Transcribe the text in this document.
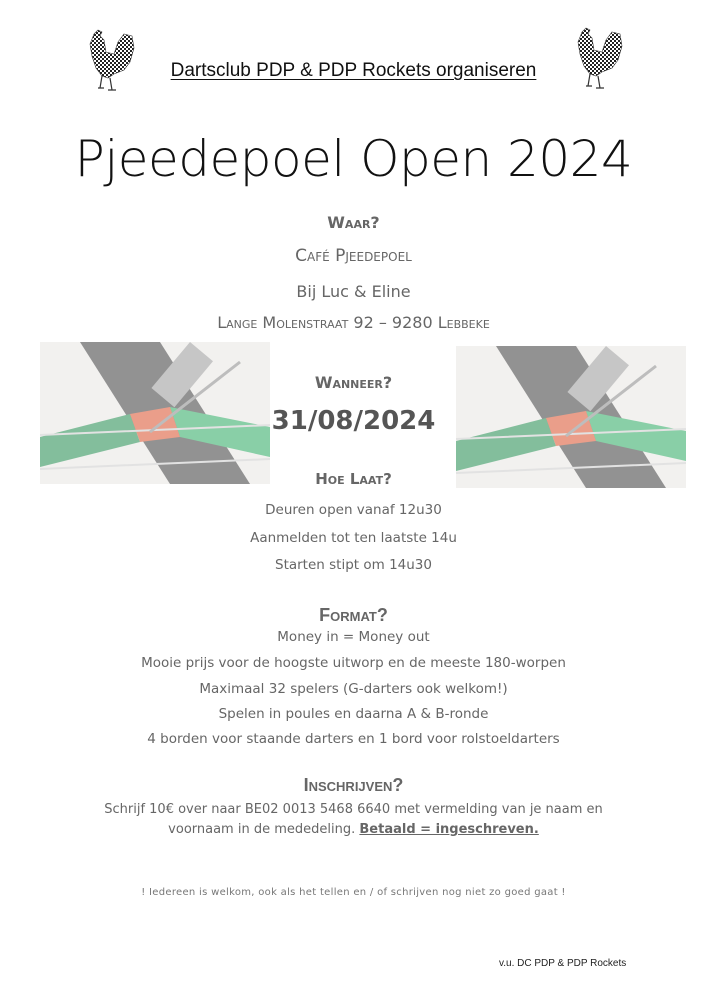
Dartsclub PDP & PDP Rockets organiseren
Pjeedepoel Open 2024
Waar?
Café Pjeedepoel
Bij Luc & Eline
Lange Molenstraat 92 – 9280 Lebbeke
Wanneer?
31/08/2024
Hoe Laat?
Deuren open vanaf 12u30
Aanmelden tot ten laatste 14u
Starten stipt om 14u30
Format?
Money in = Money out
Mooie prijs voor de hoogste uitworp en de meeste 180-worpen
Maximaal 32 spelers (G-darters ook welkom!)
Spelen in poules en daarna A & B-ronde
4 borden voor staande darters en 1 bord voor rolstoeldarters
Inschrijven?
Schrijf 10€ over naar BE02 0013 5468 6640 met vermelding van je naam en
voornaam in de mededeling. Betaald = ingeschreven.
! Iedereen is welkom, ook als het tellen en / of schrijven nog niet zo goed gaat !
v.u. DC PDP & PDP Rockets
